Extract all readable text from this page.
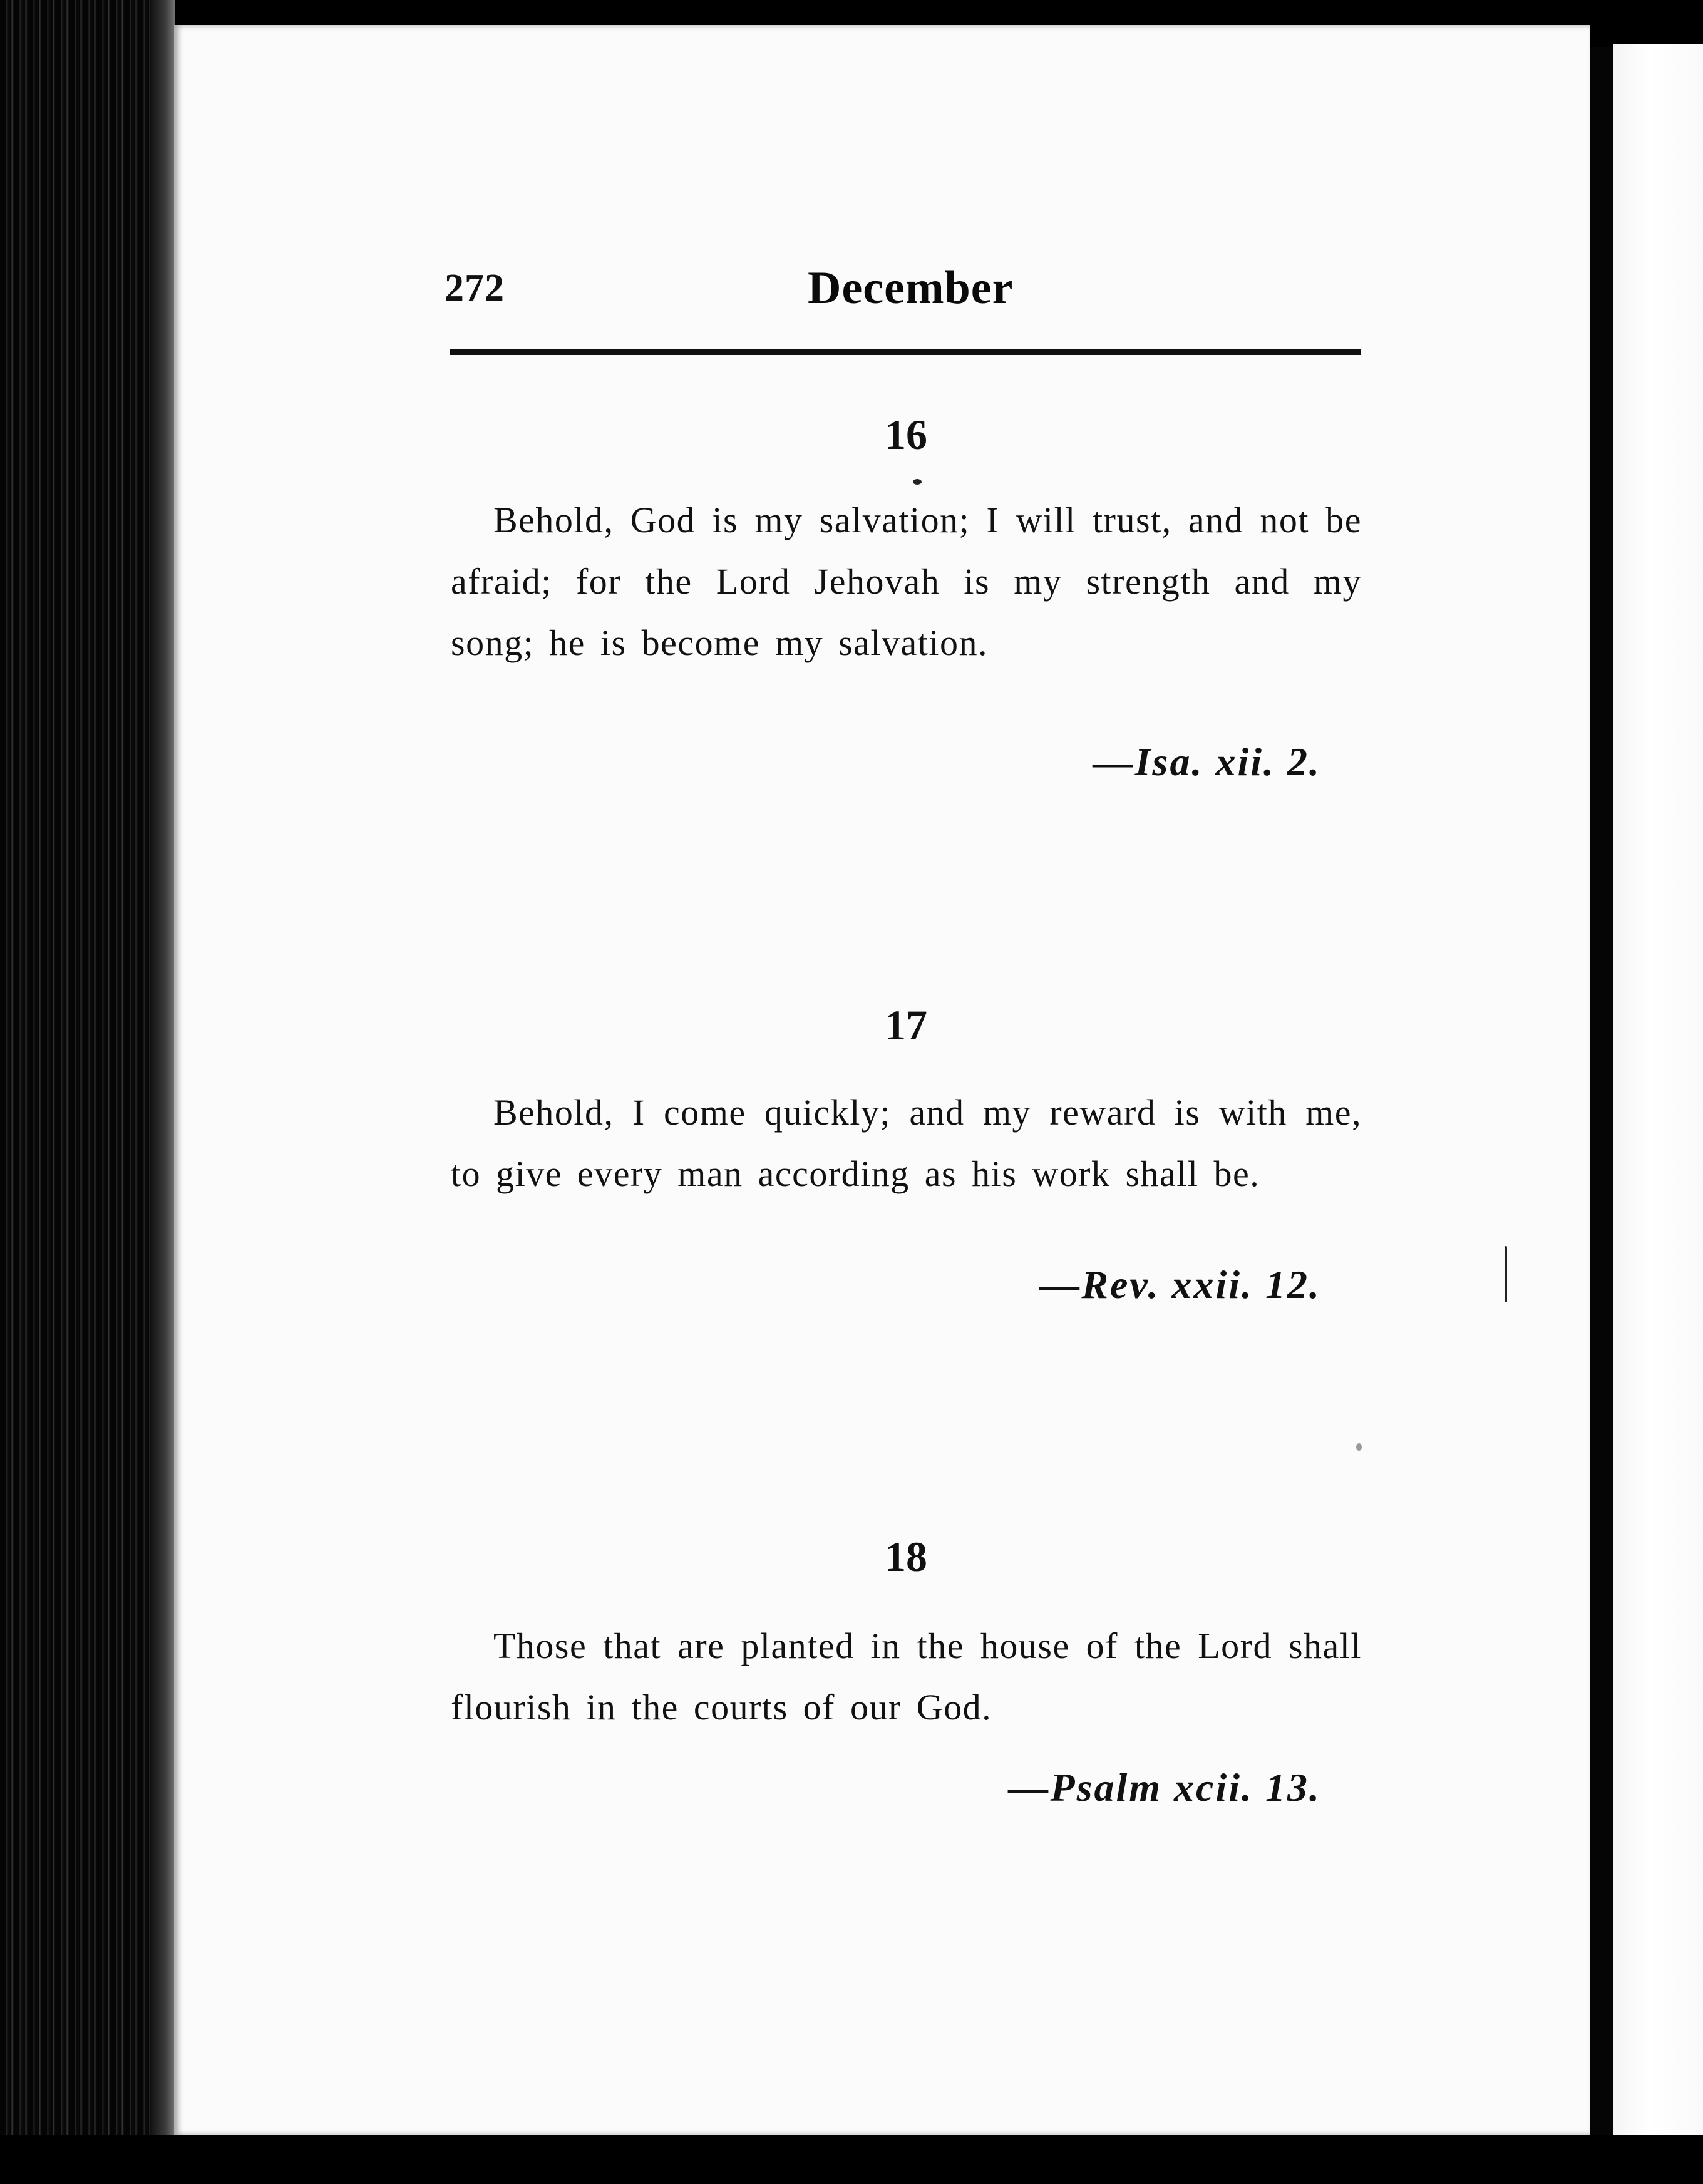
272	December
16
Behold, God is my salvation; I will trust, and not be afraid; for the Lord Jehovah is my strength and my song; he is become my salvation.
—Isa. xii. 2.
17
Behold, I come quickly; and my reward is with me, to give every man according as his work shall be.
—Rev. xxii. 12.
18
Those that are planted in the house of the Lord shall flourish in the courts of our God.
—Psalm xcii. 13.
